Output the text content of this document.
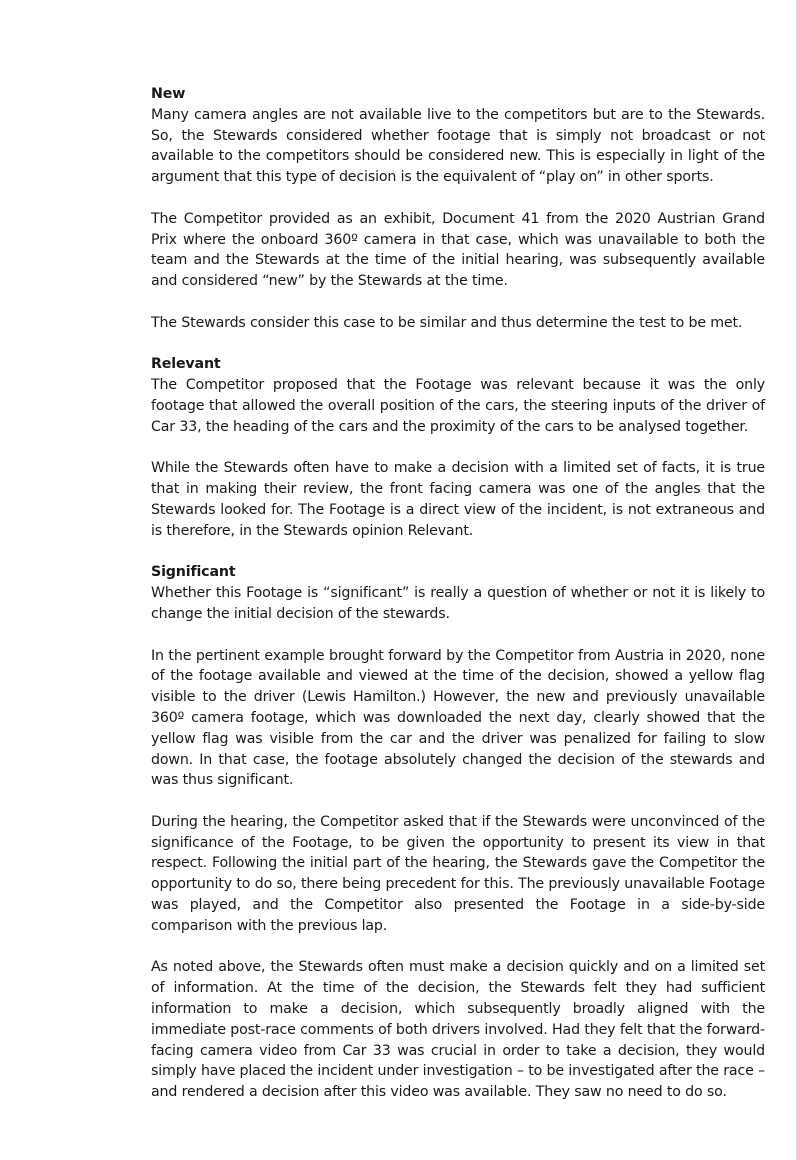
New
Many camera angles are not available live to the competitors but are to the Stewards. So, the Stewards considered whether footage that is simply not broadcast or not available to the competitors should be considered new. This is especially in light of the argument that this type of decision is the equivalent of “play on” in other sports.
The Competitor provided as an exhibit, Document 41 from the 2020 Austrian Grand Prix where the onboard 360º camera in that case, which was unavailable to both the team and the Stewards at the time of the initial hearing, was subsequently available and considered “new” by the Stewards at the time.
The Stewards consider this case to be similar and thus determine the test to be met.
Relevant
The Competitor proposed that the Footage was relevant because it was the only footage that allowed the overall position of the cars, the steering inputs of the driver of Car 33, the heading of the cars and the proximity of the cars to be analysed together.
While the Stewards often have to make a decision with a limited set of facts, it is true that in making their review, the front facing camera was one of the angles that the Stewards looked for. The Footage is a direct view of the incident, is not extraneous and is therefore, in the Stewards opinion Relevant.
Significant
Whether this Footage is “significant” is really a question of whether or not it is likely to change the initial decision of the stewards.
In the pertinent example brought forward by the Competitor from Austria in 2020, none of the footage available and viewed at the time of the decision, showed a yellow flag visible to the driver (Lewis Hamilton.) However, the new and previously unavailable 360º camera footage, which was downloaded the next day, clearly showed that the yellow flag was visible from the car and the driver was penalized for failing to slow down. In that case, the footage absolutely changed the decision of the stewards and was thus significant.
During the hearing, the Competitor asked that if the Stewards were unconvinced of the significance of the Footage, to be given the opportunity to present its view in that respect. Following the initial part of the hearing, the Stewards gave the Competitor the opportunity to do so, there being precedent for this. The previously unavailable Footage was played, and the Competitor also presented the Footage in a side-by-side comparison with the previous lap.
As noted above, the Stewards often must make a decision quickly and on a limited set of information. At the time of the decision, the Stewards felt they had sufficient information to make a decision, which subsequently broadly aligned with the immediate post-race comments of both drivers involved. Had they felt that the forward-facing camera video from Car 33 was crucial in order to take a decision, they would simply have placed the incident under investigation – to be investigated after the race – and rendered a decision after this video was available. They saw no need to do so.
